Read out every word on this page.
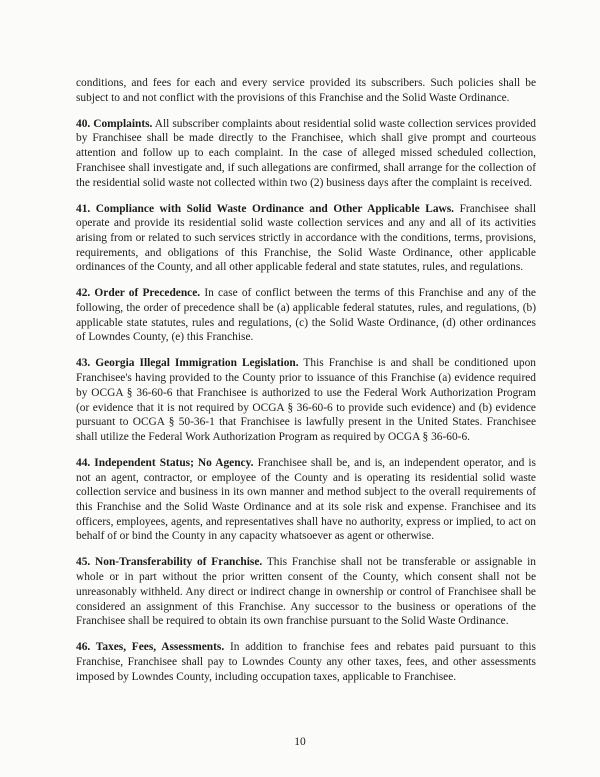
conditions, and fees for each and every service provided its subscribers. Such policies shall be subject to and not conflict with the provisions of this Franchise and the Solid Waste Ordinance.

40. Complaints. All subscriber complaints about residential solid waste collection services provided by Franchisee shall be made directly to the Franchisee, which shall give prompt and courteous attention and follow up to each complaint. In the case of alleged missed scheduled collection, Franchisee shall investigate and, if such allegations are confirmed, shall arrange for the collection of the residential solid waste not collected within two (2) business days after the complaint is received.

41. Compliance with Solid Waste Ordinance and Other Applicable Laws. Franchisee shall operate and provide its residential solid waste collection services and any and all of its activities arising from or related to such services strictly in accordance with the conditions, terms, provisions, requirements, and obligations of this Franchise, the Solid Waste Ordinance, other applicable ordinances of the County, and all other applicable federal and state statutes, rules, and regulations.

42. Order of Precedence. In case of conflict between the terms of this Franchise and any of the following, the order of precedence shall be (a) applicable federal statutes, rules, and regulations, (b) applicable state statutes, rules and regulations, (c) the Solid Waste Ordinance, (d) other ordinances of Lowndes County, (e) this Franchise.

43. Georgia Illegal Immigration Legislation. This Franchise is and shall be conditioned upon Franchisee's having provided to the County prior to issuance of this Franchise (a) evidence required by OCGA § 36-60-6 that Franchisee is authorized to use the Federal Work Authorization Program (or evidence that it is not required by OCGA § 36-60-6 to provide such evidence) and (b) evidence pursuant to OCGA § 50-36-1 that Franchisee is lawfully present in the United States. Franchisee shall utilize the Federal Work Authorization Program as required by OCGA § 36-60-6.

44. Independent Status; No Agency. Franchisee shall be, and is, an independent operator, and is not an agent, contractor, or employee of the County and is operating its residential solid waste collection service and business in its own manner and method subject to the overall requirements of this Franchise and the Solid Waste Ordinance and at its sole risk and expense. Franchisee and its officers, employees, agents, and representatives shall have no authority, express or implied, to act on behalf of or bind the County in any capacity whatsoever as agent or otherwise.

45. Non-Transferability of Franchise. This Franchise shall not be transferable or assignable in whole or in part without the prior written consent of the County, which consent shall not be unreasonably withheld. Any direct or indirect change in ownership or control of Franchisee shall be considered an assignment of this Franchise. Any successor to the business or operations of the Franchisee shall be required to obtain its own franchise pursuant to the Solid Waste Ordinance.

46. Taxes, Fees, Assessments. In addition to franchise fees and rebates paid pursuant to this Franchise, Franchisee shall pay to Lowndes County any other taxes, fees, and other assessments imposed by Lowndes County, including occupation taxes, applicable to Franchisee.

10
